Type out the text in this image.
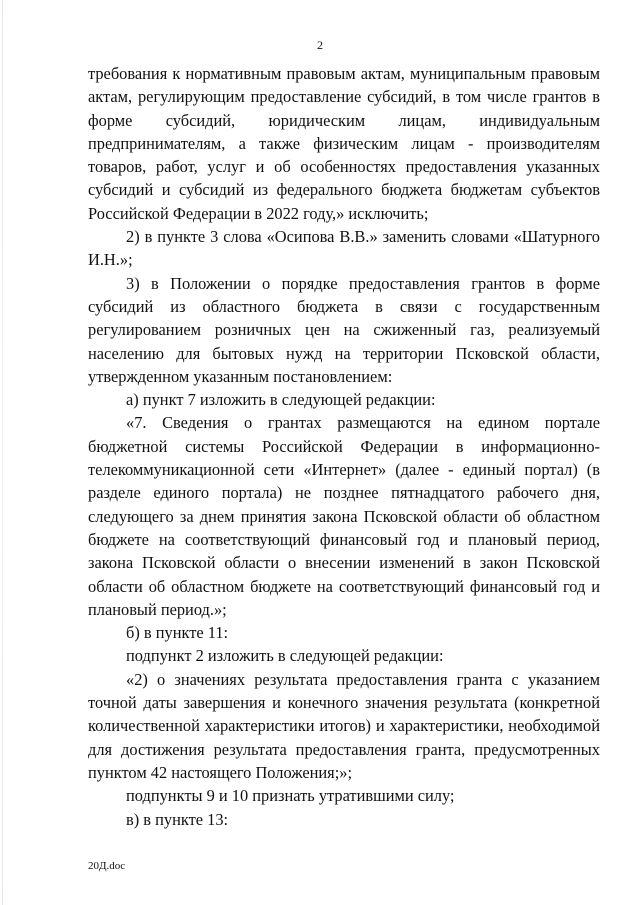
2

требования к нормативным правовым актам, муниципальным правовым актам, регулирующим предоставление субсидий, в том числе грантов в форме субсидий, юридическим лицам, индивидуальным предпринимателям, а также физическим лицам - производителям товаров, работ, услуг и об особенностях предоставления указанных субсидий и субсидий из федерального бюджета бюджетам субъектов Российской Федерации в 2022 году,» исключить;

2) в пункте 3 слова «Осипова В.В.» заменить словами «Шатурного И.Н.»;

3) в Положении о порядке предоставления грантов в форме субсидий из областного бюджета в связи с государственным регулированием розничных цен на сжиженный газ, реализуемый населению для бытовых нужд на территории Псковской области, утвержденном указанным постановлением:

а) пункт 7 изложить в следующей редакции:

«7. Сведения о грантах размещаются на едином портале бюджетной системы Российской Федерации в информационно-телекоммуникационной сети «Интернет» (далее - единый портал) (в разделе единого портала) не позднее пятнадцатого рабочего дня, следующего за днем принятия закона Псковской области об областном бюджете на соответствующий финансовый год и плановый период, закона Псковской области о внесении изменений в закон Псковской области об областном бюджете на соответствующий финансовый год и плановый период.»;

б) в пункте 11:

подпункт 2 изложить в следующей редакции:

«2) о значениях результата предоставления гранта с указанием точной даты завершения и конечного значения результата (конкретной количественной характеристики итогов) и характеристики, необходимой для достижения результата предоставления гранта, предусмотренных пунктом 42 настоящего Положения;»;

подпункты 9 и 10 признать утратившими силу;

в) в пункте 13:

20Д.doc
